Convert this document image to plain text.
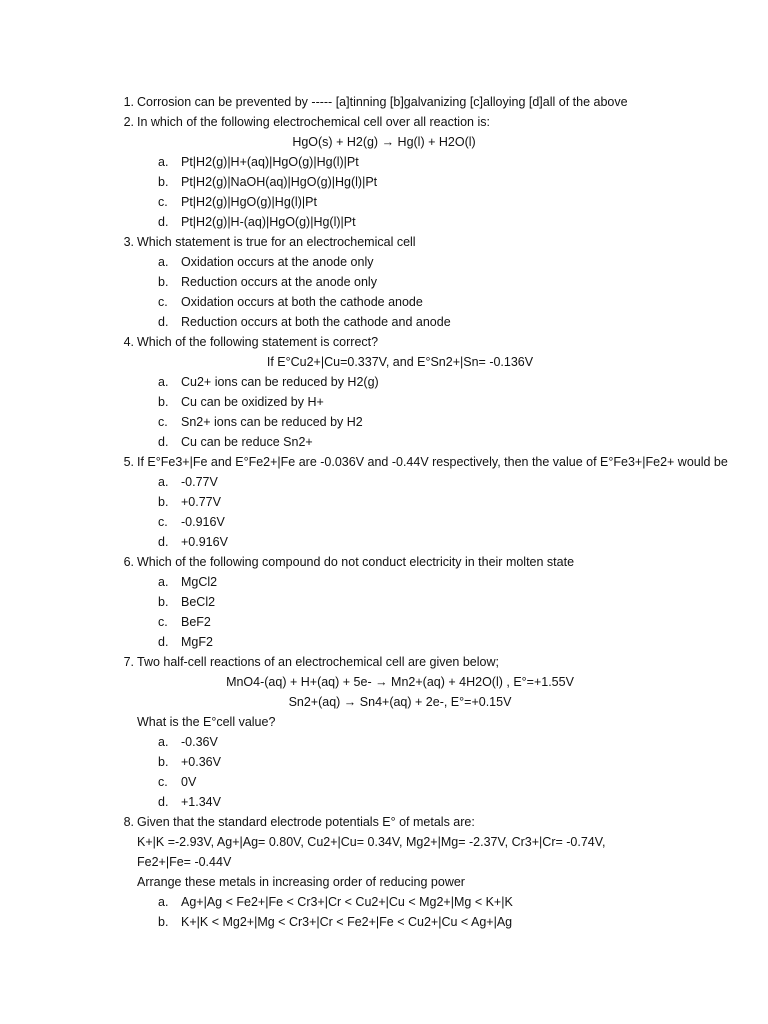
1. Corrosion can be prevented by ----- [a]tinning [b]galvanizing [c]alloying [d]all of the above
2. In which of the following electrochemical cell over all reaction is:
HgO(s) + H2(g) → Hg(l) + H2O(l)
a.	Pt|H2(g)|H+(aq)|HgO(g)|Hg(l)|Pt
b.	Pt|H2(g)|NaOH(aq)|HgO(g)|Hg(l)|Pt
c.	Pt|H2(g)|HgO(g)|Hg(l)|Pt
d.	Pt|H2(g)|H-(aq)|HgO(g)|Hg(l)|Pt
3. Which statement is true for an electrochemical cell
a.	Oxidation occurs at the anode only
b.	Reduction occurs at the anode only
c.	Oxidation occurs at both the cathode anode
d.	Reduction occurs at both the cathode and anode
4. Which of the following statement is correct?
If E°Cu2+|Cu=0.337V, and E°Sn2+|Sn= -0.136V
a.	Cu2+ ions can be reduced by H2(g)
b.	Cu can be oxidized by H+
c.	Sn2+ ions can be reduced by H2
d.	Cu can be reduce Sn2+
5. If E°Fe3+|Fe and E°Fe2+|Fe are -0.036V and -0.44V respectively, then the value of E°Fe3+|Fe2+ would be
a.	-0.77V
b.	+0.77V
c.	-0.916V
d.	+0.916V
6. Which of the following compound do not conduct electricity in their molten state
a.	MgCl2
b.	BeCl2
c.	BeF2
d.	MgF2
7. Two half-cell reactions of an electrochemical cell are given below;
MnO4-(aq) + H+(aq) + 5e- → Mn2+(aq) + 4H2O(l) , E°=+1.55V
Sn2+(aq) → Sn4+(aq) + 2e-, E°=+0.15V
What is the E°cell value?
a.	-0.36V
b.	+0.36V
c.	0V
d.	+1.34V
8. Given that the standard electrode potentials E° of metals are:
K+|K =-2.93V, Ag+|Ag= 0.80V, Cu2+|Cu= 0.34V, Mg2+|Mg= -2.37V, Cr3+|Cr= -0.74V,
Fe2+|Fe= -0.44V
Arrange these metals in increasing order of reducing power
a.	Ag+|Ag < Fe2+|Fe < Cr3+|Cr < Cu2+|Cu < Mg2+|Mg < K+|K
b.	K+|K < Mg2+|Mg < Cr3+|Cr < Fe2+|Fe < Cu2+|Cu < Ag+|Ag
